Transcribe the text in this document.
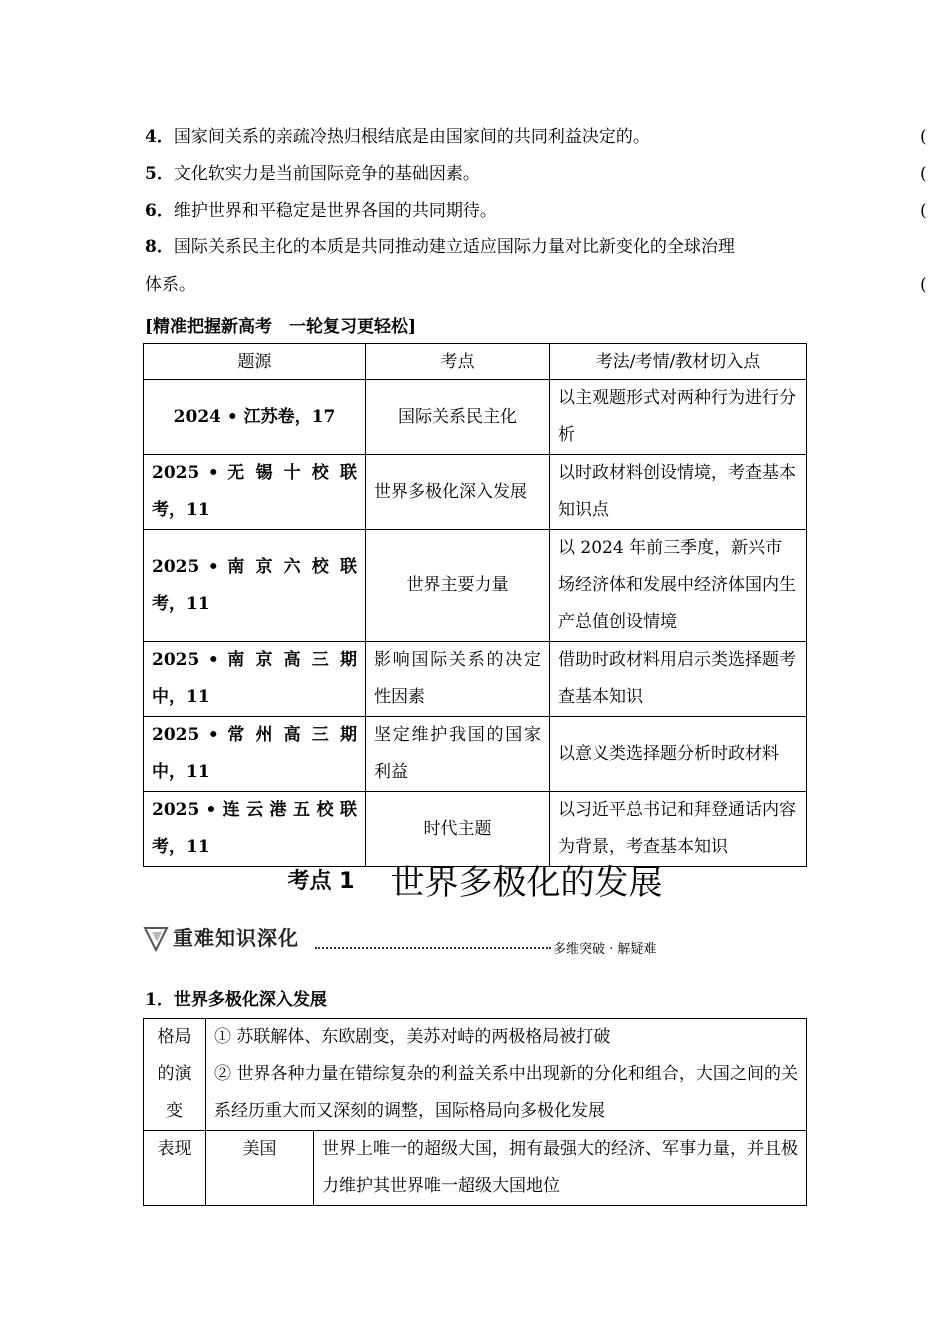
4．国家间关系的亲疏冷热归根结底是由国家间的共同利益决定的。	(
5．文化软实力是当前国际竞争的基础因素。	(
6．维护世界和平稳定是世界各国的共同期待。	(
8．国际关系民主化的本质是共同推动建立适应国际力量对比新变化的全球治理
体系。	(
[精准把握新高考　一轮复习更轻松]
题源	考点	考法/考情/教材切入点
2024 • 江苏卷，17	国际关系民主化	以主观题形式对两种行为进行分析

2025 • 无 锡 十 校 联
考，11	世界多极化深入发展	以时政材料创设情境，考查基本知识点

2025 • 南 京 六 校 联
考，11	世界主要力量	以 2024 年前三季度，新兴市场经济体和发展中经济体国内生产总值创设情境

2025 • 南 京 高 三 期
中，11	影响国际关系的决定性因素	借助时政材料用启示类选择题考查基本知识

2025 • 常 州 高 三 期
中，11	坚定维护我国的国家利益	以意义类选择题分析时政材料

2025 • 连 云 港 五 校 联
考，11	时代主题	以习近平总书记和拜登通话内容为背景，考查基本知识
考点 1 世界多极化的发展
重难知识深化	多维突破 · 解疑难
1．世界多极化深入发展
格局的演变	① 苏联解体、东欧剧变，美苏对峙的两极格局被打破
② 世界各种力量在错综复杂的利益关系中出现新的分化和组合，大国之间的关系经历重大而又深刻的调整，国际格局向多极化发展	

表现	美国	世界上唯一的超级大国，拥有最强大的经济、军事力量，并且极力维护其世界唯一超级大国地位
